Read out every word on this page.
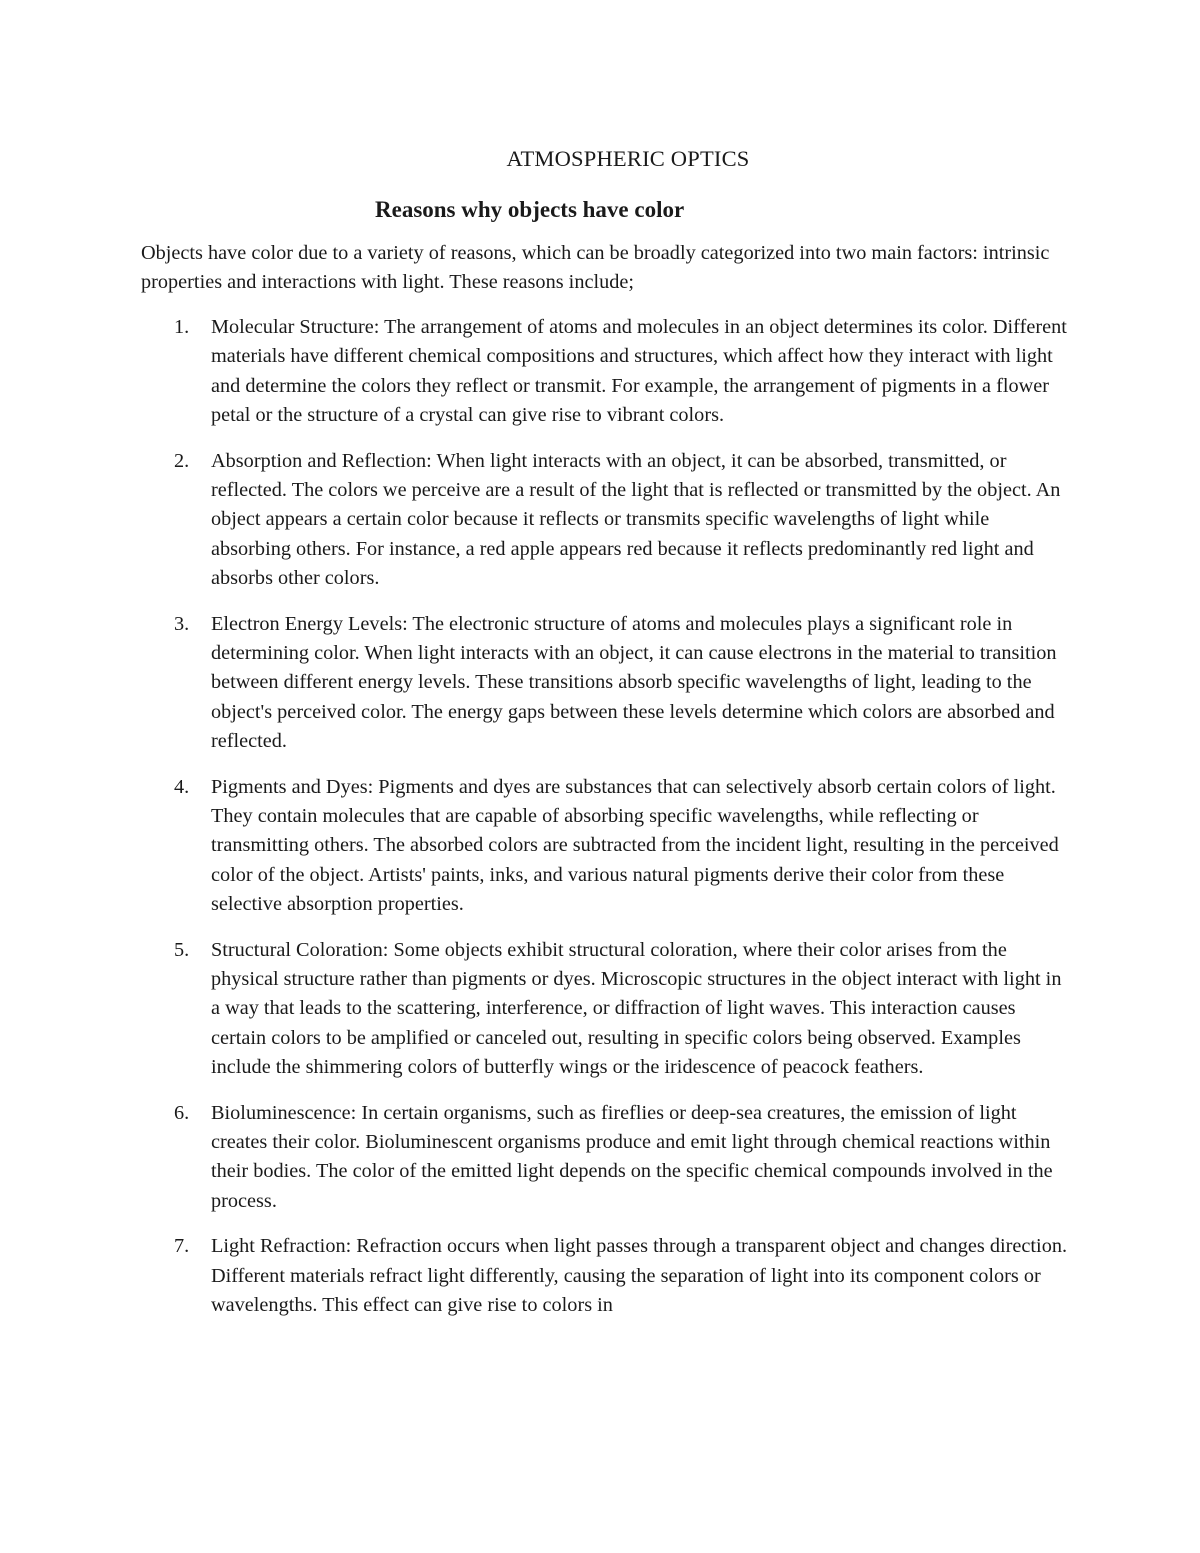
ATMOSPHERIC OPTICS
Reasons why objects have color

Objects have color due to a variety of reasons, which can be broadly categorized into two main factors: intrinsic properties and interactions with light. These reasons include;

1. Molecular Structure: The arrangement of atoms and molecules in an object determines its color. Different materials have different chemical compositions and structures, which affect how they interact with light and determine the colors they reflect or transmit. For example, the arrangement of pigments in a flower petal or the structure of a crystal can give rise to vibrant colors.
2. Absorption and Reflection: When light interacts with an object, it can be absorbed, transmitted, or reflected. The colors we perceive are a result of the light that is reflected or transmitted by the object. An object appears a certain color because it reflects or transmits specific wavelengths of light while absorbing others. For instance, a red apple appears red because it reflects predominantly red light and absorbs other colors.
3. Electron Energy Levels: The electronic structure of atoms and molecules plays a significant role in determining color. When light interacts with an object, it can cause electrons in the material to transition between different energy levels. These transitions absorb specific wavelengths of light, leading to the object's perceived color. The energy gaps between these levels determine which colors are absorbed and reflected.
4. Pigments and Dyes: Pigments and dyes are substances that can selectively absorb certain colors of light. They contain molecules that are capable of absorbing specific wavelengths, while reflecting or transmitting others. The absorbed colors are subtracted from the incident light, resulting in the perceived color of the object. Artists' paints, inks, and various natural pigments derive their color from these selective absorption properties.
5. Structural Coloration: Some objects exhibit structural coloration, where their color arises from the physical structure rather than pigments or dyes. Microscopic structures in the object interact with light in a way that leads to the scattering, interference, or diffraction of light waves. This interaction causes certain colors to be amplified or canceled out, resulting in specific colors being observed. Examples include the shimmering colors of butterfly wings or the iridescence of peacock feathers.
6. Bioluminescence: In certain organisms, such as fireflies or deep-sea creatures, the emission of light creates their color. Bioluminescent organisms produce and emit light through chemical reactions within their bodies. The color of the emitted light depends on the specific chemical compounds involved in the process.
7. Light Refraction: Refraction occurs when light passes through a transparent object and changes direction. Different materials refract light differently, causing the separation of light into its component colors or wavelengths. This effect can give rise to colors in
